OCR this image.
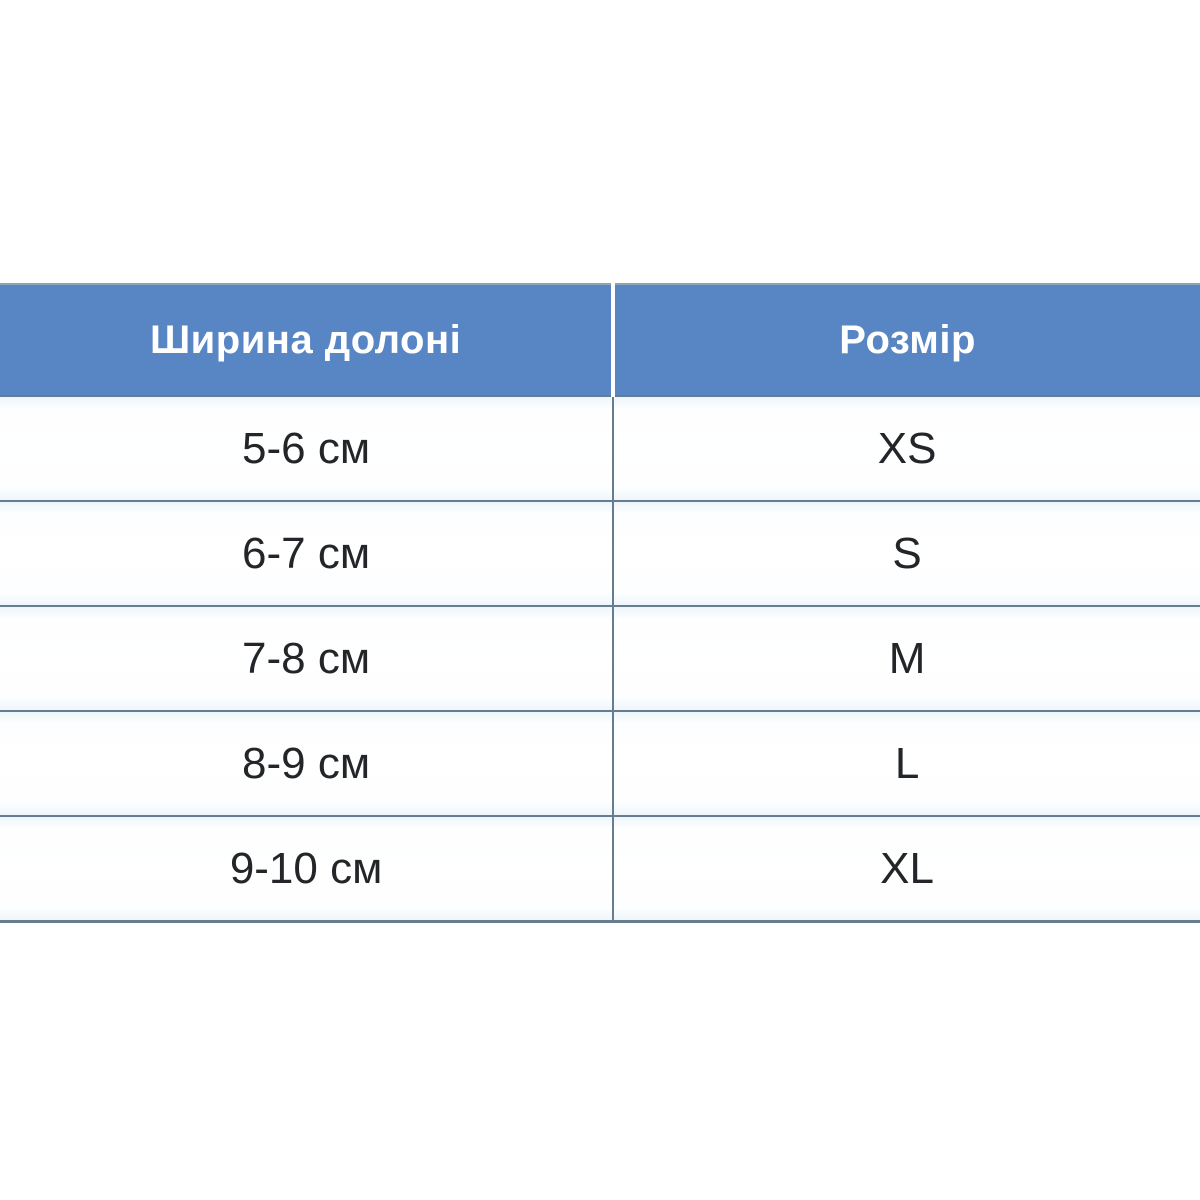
Ширина долоні	Розмір
5-6 см	XS
6-7 см	S
7-8 см	M
8-9 см	L
9-10 см	XL
